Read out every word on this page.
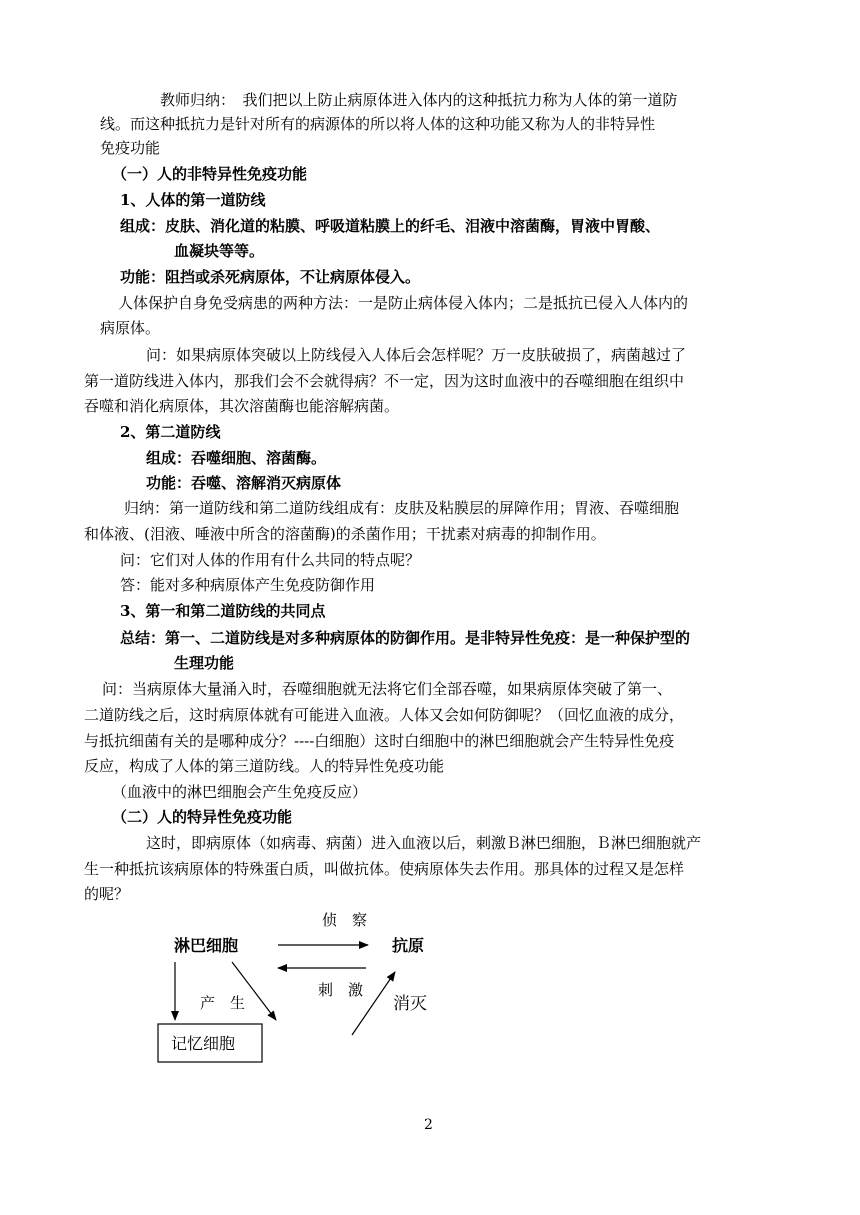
教师归纳：　我们把以上防止病原体进入体内的这种抵抗力称为人体的第一道防
线。而这种抵抗力是针对所有的病源体的所以将人体的这种功能又称为人的非特异性
免疫功能
（一）人的非特异性免疫功能
1、人体的第一道防线
组成：皮肤、消化道的粘膜、呼吸道粘膜上的纤毛、泪液中溶菌酶，胃液中胃酸、
血凝块等等。
功能：阻挡或杀死病原体，不让病原体侵入。
人体保护自身免受病患的两种方法：一是防止病体侵入体内；二是抵抗已侵入人体内的
病原体。
问：如果病原体突破以上防线侵入人体后会怎样呢？万一皮肤破损了，病菌越过了
第一道防线进入体内，那我们会不会就得病？不一定，因为这时血液中的吞噬细胞在组织中
吞噬和消化病原体，其次溶菌酶也能溶解病菌。
2、第二道防线
组成：吞噬细胞、溶菌酶。
功能：吞噬、溶解消灭病原体
归纳：第一道防线和第二道防线组成有：皮肤及粘膜层的屏障作用；胃液、吞噬细胞
和体液、(泪液、唾液中所含的溶菌酶)的杀菌作用；干扰素对病毒的抑制作用。
问：它们对人体的作用有什么共同的特点呢？
答：能对多种病原体产生免疫防御作用
3、第一和第二道防线的共同点
总结：第一、二道防线是对多种病原体的防御作用。是非特异性免疫：是一种保护型的
生理功能
问：当病原体大量涌入时，吞噬细胞就无法将它们全部吞噬，如果病原体突破了第一、
二道防线之后，这时病原体就有可能进入血液。人体又会如何防御呢？（回忆血液的成分，
与抵抗细菌有关的是哪种成分？----白细胞）这时白细胞中的淋巴细胞就会产生特异性免疫
反应，构成了人体的第三道防线。人的特异性免疫功能
（血液中的淋巴细胞会产生免疫反应）
（二）人的特异性免疫功能
这时，即病原体（如病毒、病菌）进入血液以后，刺激Ｂ淋巴细胞，Ｂ淋巴细胞就产
生一种抵抗该病原体的特殊蛋白质，叫做抗体。使病原体失去作用。那具体的过程又是怎样
的呢？
侦　察
淋巴细胞	抗原
刺　激
产　生	消灭
记忆细胞
2
